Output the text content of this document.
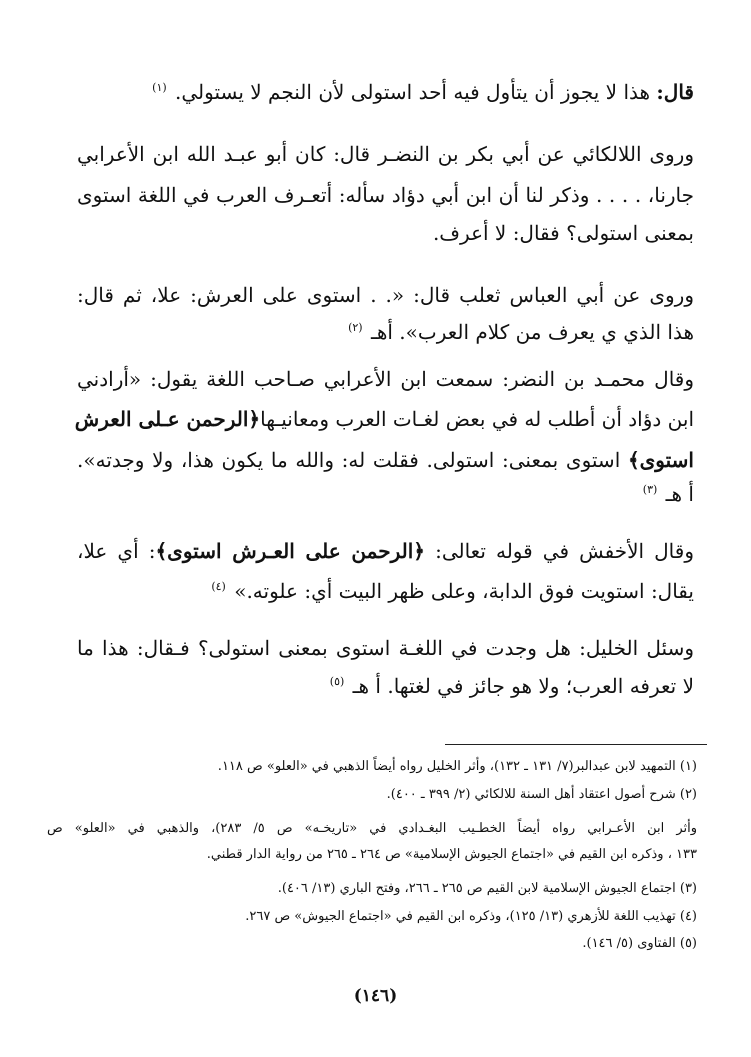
قال: هذا لا يجوز أن يتأول فيه أحد استولى لأن النجم لا يستولي. $^{(١)}$
وروى اللالكائي عن أبي بكر بن النضـر قال: كان أبو عبـد الله ابن الأعرابي
جارنا، . . . . وذكر لنا أن ابن أبي دؤاد سأله: أتعـرف العرب في اللغة استوى
بمعنى استولى؟ فقال: لا أعرف.
وروى عن أبي العباس ثعلب قال: «. . استوى على العرش: علا، ثم قال:
هذا الذي ي يعرف من كلام العرب». أهـ $^{(٢)}$
وقال محمـد بن النضر: سمعت ابن الأعرابي صـاحب اللغة يقول: «أرادني
ابن دؤاد أن أطلب له في بعض لغـات العرب ومعانيـها﴿الرحمن عـلى العرش
استوى﴾ استوى بمعنى: استولى. فقلت له: والله ما يكون هذا، ولا وجدته».
أ هـ $^{(٣)}$
وقال الأخفش في قوله تعالى: ﴿الرحمن على العـرش استوى﴾: أي علا،
يقال: استويت فوق الدابة، وعلى ظهر البيت أي: علوته.» $^{(٤)}$
وسئل الخليل: هل وجدت في اللغـة استوى بمعنى استولى؟ فـقال: هذا ما
لا تعرفه العرب؛ ولا هو جائز في لغتها. أ هـ $^{(٥)}$
(١) التمهيد لابن عبدالبر(٧/ ١٣١ ـ ١٣٢)، وأثر الخليل رواه أيضاً الذهبي في «العلو» ص ١١٨.
(٢) شرح أصول اعتقاد أهل السنة للالكائي (٢/ ٣٩٩ ـ ٤٠٠).
وأثر ابن الأعـرابي رواه أيضاً الخطـيب البغـدادي في «تاريخـه» ص ٥/ ٢٨٣)، والذهبي في «العلو» ص
١٣٣ ، وذكره ابن القيم في «اجتماع الجيوش الإسلامية» ص ٢٦٤ ـ ٢٦٥ من رواية الدار قطني.
(٣) اجتماع الجيوش الإسلامية لابن القيم ص ٢٦٥ ـ ٢٦٦، وفتح الباري (١٣/ ٤٠٦).
(٤) تهذيب اللغة للأزهري (١٣/ ١٢٥)، وذكره ابن القيم في «اجتماع الجيوش» ص ٢٦٧.
(٥) الفتاوى (٥/ ١٤٦).
(١٤٦)
